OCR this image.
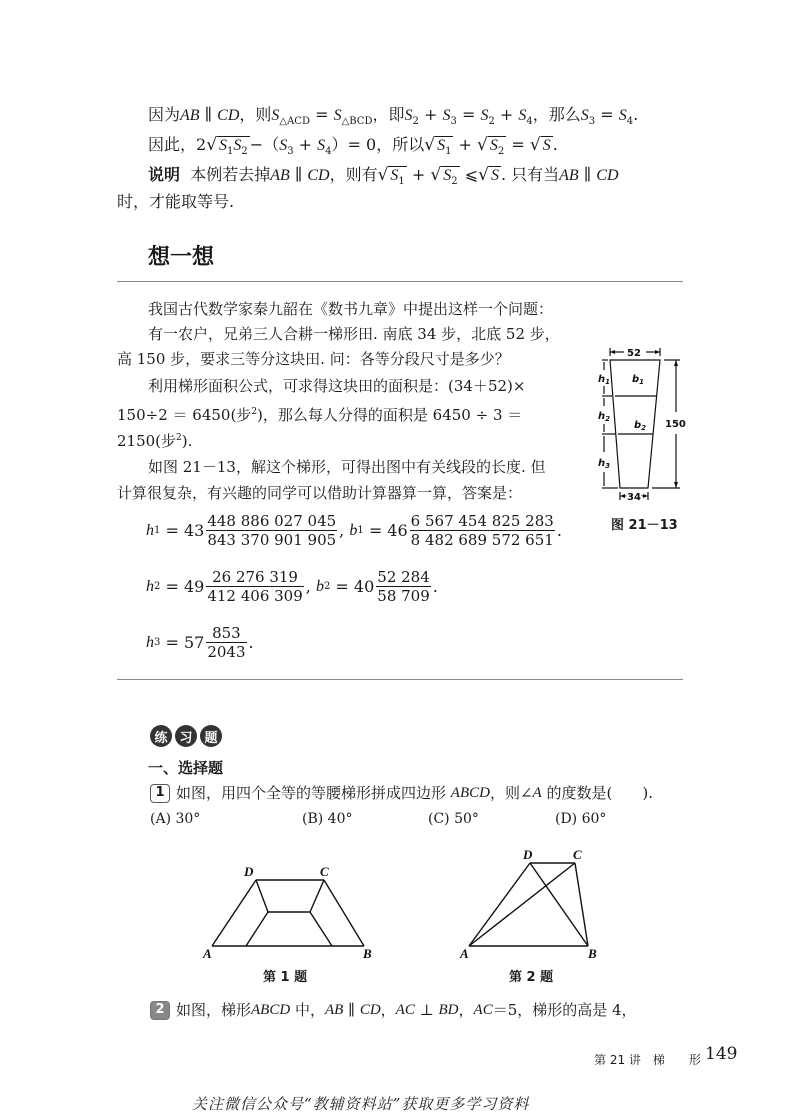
因为AB ∥ CD，则$S_{\triangle ACD} = S_{\triangle BCD}$，即$S_2 + S_3 = S_2 + S_4$，那么$S_3 = S_4$.
因此，2√ $S_1S_2 -(S_3 + S_4)= 0$，所以√ $S_1$ + √ $S_2$ = √ S .
说明 本例若去掉AB ∥ CD，则有√ $S_1$ + √ $S_2$ ⩽√ S . 只有当AB ∥ CD
时，才能取等号.
想一想
我国古代数学家秦九韶在《数书九章》中提出这样一个问题：
有一农户，兄弟三人合耕一梯形田. 南底 34 步，北底 52 步，
高 150 步，要求三等分这块田. 问：各等分段尺寸是多少？
利用梯形面积公式，可求得这块田的面积是：(34＋52)×
150÷2 ＝ 6450(步$^2$)，那么每人分得的面积是 6450 ÷ 3 ＝
2150(步$^2$).
如图 21－13，解这个梯形，可得出图中有关线段的长度. 但
计算很复杂，有兴趣的同学可以借助计算器算一算，答案是：
h 1
= $43 \frac{448 886 027 045}{843 370 901 905}$ ,
b 1
= $46 \frac{6 567 454 825 283}{8 482 689 572 651}$ .
h 2
= $49 \frac{26 276 319}{412 406 309}$ ,
b 2
= $40 \frac{52 284}{58 709}$ .
h 3
= $57 \frac{853}{2043}$ .
52
34
150
$b_1$
$b_2$
$h_1$
$h_2$
$h_3$
图 21－13
练 习 题
一、选择题
1 如图，用四个全等的等腰梯形拼成四边形
ABCD ，则∠ A
的度数是(　　).
(A) 30°	(B) 40°	(C) 50°	(D) 60°
A	B
C
D
第 1 题
A	B
C
D
第 2 题
2 如图，梯形 ABCD
中， AB
∥
CD ， AC
⊥
BD ， AC ＝5，梯形的高是 4，
第 21 讲　梯　　形 149
关注微信公众号“教辅资料站”获取更多学习资料
